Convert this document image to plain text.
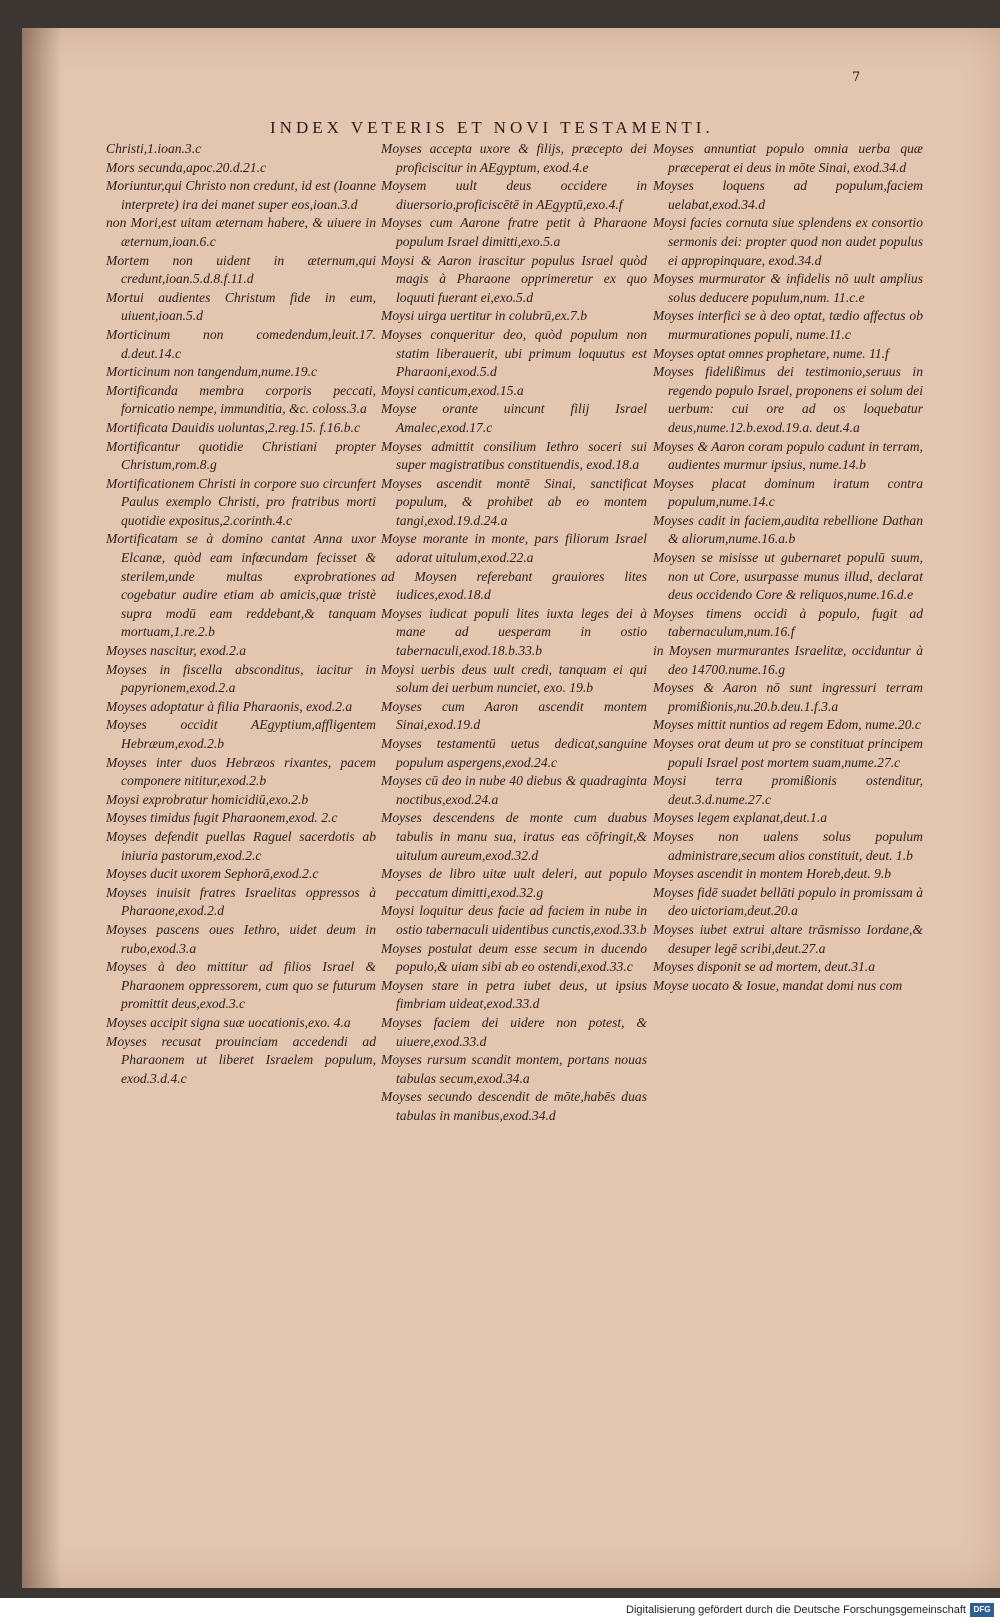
7
INDEX VETERIS ET NOVI TESTAMENTI.

Christi,1.ioan.3.c

Mors secunda,apoc.20.d.21.c

Moriuntur,qui Christo non credunt, id est (Ioanne interprete) ira dei manet super eos,ioan.3.d

non Mori,est uitam æternam habere, & uiuere in æternum,ioan.6.c

Mortem non uident in æternum,qui credunt,ioan.5.d.8.f.11.d

Mortui audientes Christum fide in eum, uiuent,ioan.5.d

Morticinum non comedendum,leuit.17. d.deut.14.c

Morticinum non tangendum,nume.19.c

Mortificanda membra corporis peccati, fornicatio nempe, immunditia, &c. coloss.3.a

Mortificata Dauidis uoluntas,2.reg.15. f.16.b.c

Mortificantur quotidie Christiani propter Christum,rom.8.g

Mortificationem Christi in corpore suo circunfert Paulus exemplo Christi, pro fratribus morti quotidie expositus,2.corinth.4.c

Mortificatam se à domino cantat Anna uxor Elcanæ, quòd eam infœcundam fecisset & sterilem,unde multas exprobrationes cogebatur audire etiam ab amicis,quæ tristè supra modū eam reddebant,& tanquam mortuam,1.re.2.b

Moyses nascitur, exod.2.a

Moyses in fiscella absconditus, iacitur in papyrionem,exod.2.a

Moyses adoptatur à filia Pharaonis, exod.2.a

Moyses occidit AEgyptium,affligentem Hebræum,exod.2.b

Moyses inter duos Hebræos rixantes, pacem componere nititur,exod.2.b

Moysi exprobratur homicidiū,exo.2.b

Moyses timidus fugit Pharaonem,exod. 2.c

Moyses defendit puellas Raguel sacerdotis ab iniuria pastorum,exod.2.c

Moyses ducit uxorem Sephorā,exod.2.c

Moyses inuisit fratres Israelitas oppressos à Pharaone,exod.2.d

Moyses pascens oues Iethro, uidet deum in rubo,exod.3.a

Moyses à deo mittitur ad filios Israel & Pharaonem oppressorem, cum quo se futurum promittit deus,exod.3.c

Moyses accipit signa suæ uocationis,exo. 4.a

Moyses recusat prouinciam accedendi ad Pharaonem ut liberet Israelem populum, exod.3.d.4.c

Moyses accepta uxore & filijs, præcepto dei proficiscitur in AEgyptum, exod.4.e

Moysem uult deus occidere in diuersorio,proficiscētē in AEgyptū,exo.4.f

Moyses cum Aarone fratre petit à Pharaone populum Israel dimitti,exo.5.a

Moysi & Aaron irascitur populus Israel quòd magis à Pharaone opprimeretur ex quo loquuti fuerant ei,exo.5.d

Moysi uirga uertitur in colubrū,ex.7.b

Moyses conqueritur deo, quòd populum non statim liberauerit, ubi primum loquutus est Pharaoni,exod.5.d

Moysi canticum,exod.15.a

Moyse orante uincunt filij Israel Amalec,exod.17.c

Moyses admittit consilium Iethro soceri sui super magistratibus constituendis, exod.18.a

Moyses ascendit montē Sinai, sanctificat populum, & prohibet ab eo montem tangi,exod.19.d.24.a

Moyse morante in monte, pars filiorum Israel adorat uitulum,exod.22.a

ad Moysen referebant grauiores lites iudices,exod.18.d

Moyses iudicat populi lites iuxta leges dei à mane ad uesperam in ostio tabernaculi,exod.18.b.33.b

Moysi uerbis deus uult credi, tanquam ei qui solum dei uerbum nunciet, exo. 19.b

Moyses cum Aaron ascendit montem Sinai,exod.19.d

Moyses testamentū uetus dedicat,sanguine populum aspergens,exod.24.c

Moyses cū deo in nube 40 diebus & quadraginta noctibus,exod.24.a

Moyses descendens de monte cum duabus tabulis in manu sua, iratus eas cōfringit,& uitulum aureum,exod.32.d

Moyses de libro uitæ uult deleri, aut populo peccatum dimitti,exod.32.g

Moysi loquitur deus facie ad faciem in nube in ostio tabernaculi uidentibus cunctis,exod.33.b

Moyses postulat deum esse secum in ducendo populo,& uiam sibi ab eo ostendi,exod.33.c

Moysen stare in petra iubet deus, ut ipsius fimbriam uideat,exod.33.d

Moyses faciem dei uidere non potest, & uiuere,exod.33.d

Moyses rursum scandit montem, portans nouas tabulas secum,exod.34.a

Moyses secundo descendit de mōte,habēs duas tabulas in manibus,exod.34.d

Moyses annuntiat populo omnia uerba quæ præceperat ei deus in mōte Sinai, exod.34.d

Moyses loquens ad populum,faciem uelabat,exod.34.d

Moysi facies cornuta siue splendens ex consortio sermonis dei: propter quod non audet populus ei appropinquare, exod.34.d

Moyses murmurator & infidelis nō uult amplius solus deducere populum,num. 11.c.e

Moyses interfici se à deo optat, tædio affectus ob murmurationes populi, nume.11.c

Moyses optat omnes prophetare, nume. 11.f

Moyses fidelißimus dei testimonio,seruus in regendo populo Israel, proponens ei solum dei uerbum: cui ore ad os loquebatur deus,nume.12.b.exod.19.a. deut.4.a

Moyses & Aaron coram populo cadunt in terram, audientes murmur ipsius, nume.14.b

Moyses placat dominum iratum contra populum,nume.14.c

Moyses cadit in faciem,audita rebellione Dathan & aliorum,nume.16.a.b

Moysen se misisse ut gubernaret populū suum, non ut Core, usurpasse munus illud, declarat deus occidendo Core & reliquos,nume.16.d.e

Moyses timens occidi à populo, fugit ad tabernaculum,num.16.f

in Moysen murmurantes Israelitæ, occiduntur à deo 14700.nume.16.g

Moyses & Aaron nō sunt ingressuri terram promißionis,nu.20.b.deu.1.f.3.a

Moyses mittit nuntios ad regem Edom, nume.20.c

Moyses orat deum ut pro se constituat principem populi Israel post mortem suam,nume.27.c

Moysi terra promißionis ostenditur, deut.3.d.nume.27.c

Moyses legem explanat,deut.1.a

Moyses non ualens solus populum administrare,secum alios constituit, deut. 1.b

Moyses ascendit in montem Horeb,deut. 9.b

Moyses fidē suadet bellāti populo in promissam à deo uictoriam,deut.20.a

Moyses iubet extrui altare trāsmisso Iordane,& desuper legē scribi,deut.27.a

Moyses disponit se ad mortem, deut.31.a

Moyse uocato & Iosue, mandat domi nus com

Digitalisierung gefördert durch die Deutsche Forschungsgemeinschaft DFG
